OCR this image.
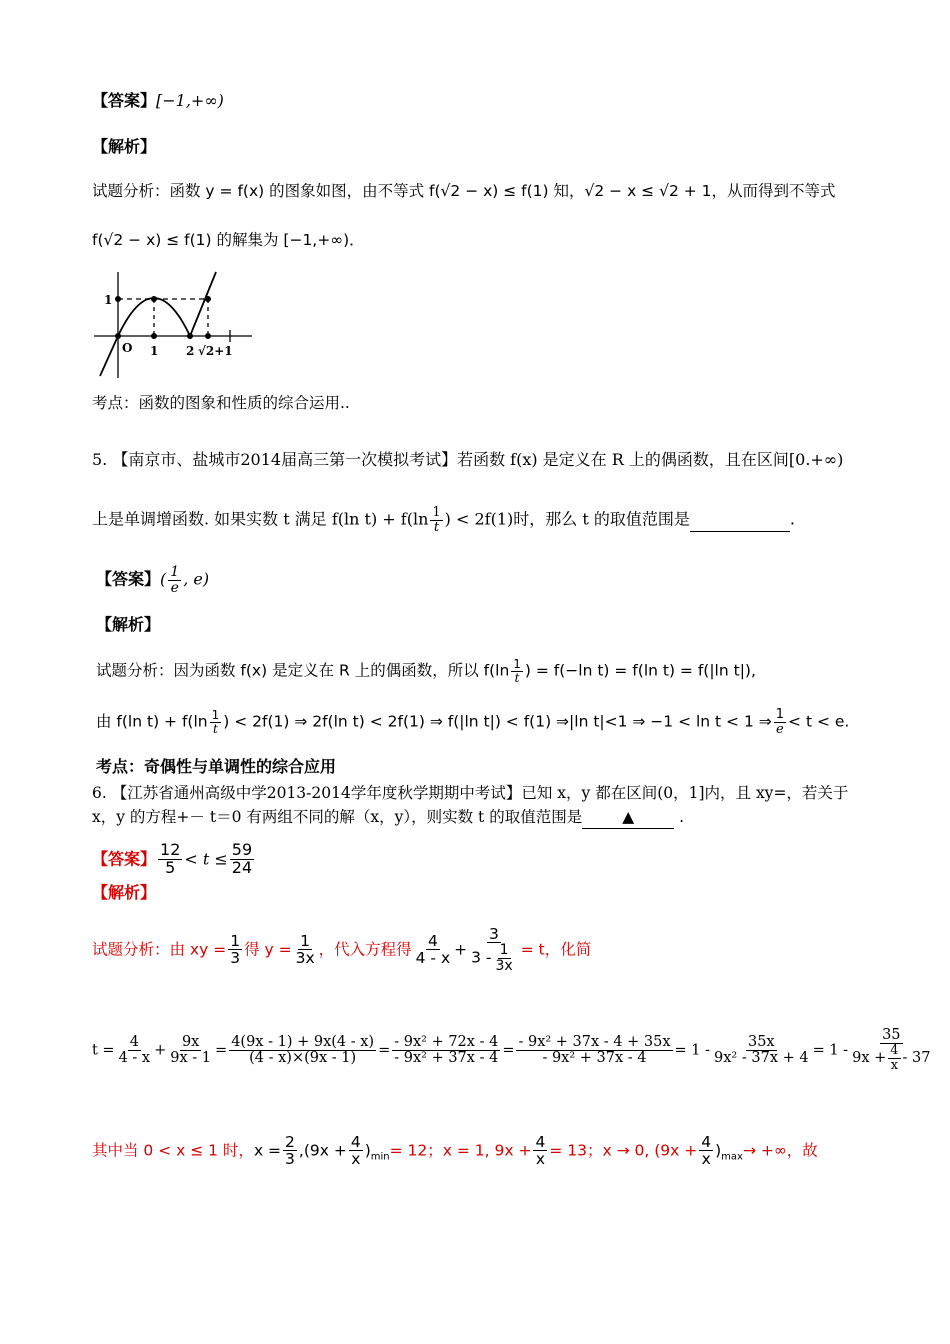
【答案】[−1,+∞)
【解析】
试题分析：函数 y = f(x) 的图象如图，由不等式 f(√2 − x) ≤ f(1) 知，√2 − x ≤ √2 + 1，从而得到不等式
f(√2 − x) ≤ f(1) 的解集为 [−1,+∞)．
1
O 1 2 √2+1
考点：函数的图象和性质的综合运用..
5. 【南京市、盐城市2014届高三第一次模拟考试】若函数 f(x) 是定义在 R 上的偶函数，且在区间[0.+∞)
上是单调增函数. 如果实数 t 满足 f(ln $t) + f(\ln \frac{1}{t}$ ) < 2f(1)时，那么 t 的取值范围是	.
【答案】( $\frac{1}{e}$ , e)
【解析】
试题分析：因为函数 f(x) 是定义在 R 上的偶函数，所以 $f(\ln \frac{1}{t}$ ) = f(−ln t) = f(ln t) = f(|ln t|),
由 f(ln $t) + f(\ln \frac{1}{t}$ ) < 2f(1) ⇒ 2f(ln t) < 2f(1) ⇒ f(|ln t|) < f(1) ⇒|ln t|<1 ⇒ −1 < ln t < 1 ⇒ $\frac{1}{e} < t < e$.
考点：奇偶性与单调性的综合应用
6. 【江苏省通州高级中学2013-2014学年度秋学期期中考试】已知 x，y 都在区间(0，1]内，且 xy=，若关于
x，y 的方程+－ t＝0 有两组不同的解（x，y），则实数 t 的取值范围是	▲	.
【答案】 $\frac{12}{5} < t \le \frac{59}{24}$
【解析】
试题分析：由 xy = $\frac{1}{3}$ 得 $y = \frac{1}{3x}$ ，代入方程得 $\frac{4}{4 - x} + \frac{3}{3 - \frac{1}{3x}} = t$，化简
$t = \frac{4}{4 - x} + \frac{9x}{9x - 1} = \frac{4(9x - 1) + 9x(4 - x)}{(4 - x)\times(9x - 1)} = \frac{\text{- 9x² + 72x - 4}}{\text{- 9x² + 37x - 4}} = \frac{\text{- 9x² + 37x - 4 + 35x}}{\text{- 9x² + 37x - 4}} = 1 - \frac{35x}{\text{9x² - 37x + 4}} = 1 - \frac{35}{9x + \frac{4}{x} - 37}$
其中当 0 < x ≤ 1 时，$x = \frac{2}{3} ,(9x + \frac{4}{x} )_{min}= 12$；x = 1, $9x + \frac{4}{x} = 13$；x → 0, $(9x + \frac{4}{x} )_{max}\to$ +∞，故
